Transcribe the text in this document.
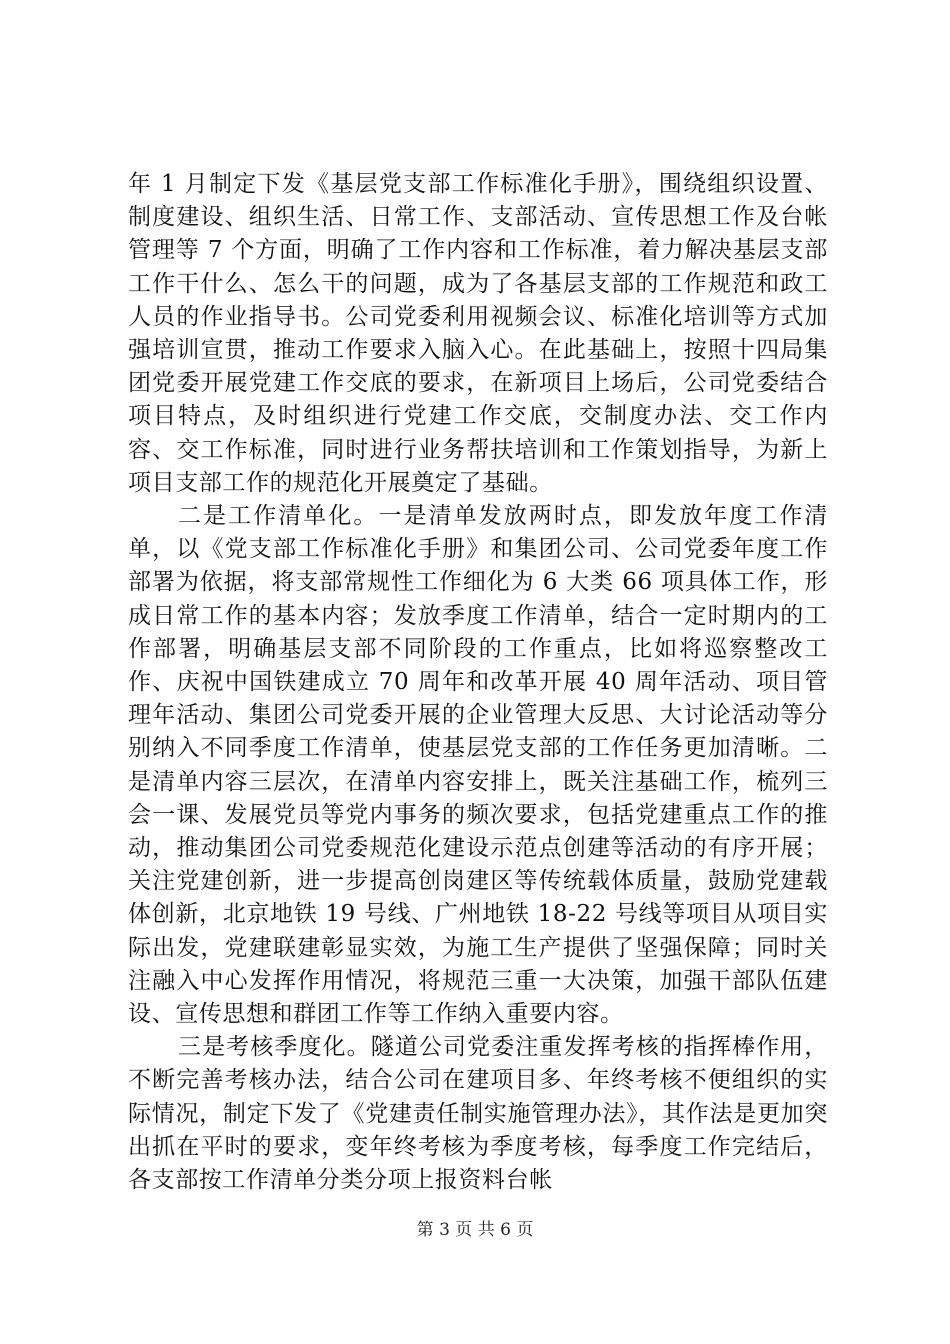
年 1 月制定下发《基层党支部工作标准化手册》，围绕组织设置、制度建设、组织生活、日常工作、支部活动、宣传思想工作及台帐管理等 7 个方面，明确了工作内容和工作标准，着力解决基层支部工作干什么、怎么干的问题，成为了各基层支部的工作规范和政工人员的作业指导书。公司党委利用视频会议、标准化培训等方式加强培训宣贯，推动工作要求入脑入心。在此基础上，按照十四局集团党委开展党建工作交底的要求，在新项目上场后，公司党委结合项目特点，及时组织进行党建工作交底，交制度办法、交工作内容、交工作标准，同时进行业务帮扶培训和工作策划指导，为新上项目支部工作的规范化开展奠定了基础。

二是工作清单化。一是清单发放两时点，即发放年度工作清单，以《党支部工作标准化手册》和集团公司、公司党委年度工作部署为依据，将支部常规性工作细化为 6 大类 66 项具体工作，形成日常工作的基本内容；发放季度工作清单，结合一定时期内的工作部署，明确基层支部不同阶段的工作重点，比如将巡察整改工作、庆祝中国铁建成立 70 周年和改革开展 40 周年活动、项目管理年活动、集团公司党委开展的企业管理大反思、大讨论活动等分别纳入不同季度工作清单，使基层党支部的工作任务更加清晰。二是清单内容三层次，在清单内容安排上，既关注基础工作，梳列三会一课、发展党员等党内事务的频次要求，包括党建重点工作的推动，推动集团公司党委规范化建设示范点创建等活动的有序开展；关注党建创新，进一步提高创岗建区等传统载体质量，鼓励党建载体创新，北京地铁 19 号线、广州地铁 18-22 号线等项目从项目实际出发，党建联建彰显实效，为施工生产提供了坚强保障；同时关注融入中心发挥作用情况，将规范三重一大决策，加强干部队伍建设、宣传思想和群团工作等工作纳入重要内容。

三是考核季度化。隧道公司党委注重发挥考核的指挥棒作用，不断完善考核办法，结合公司在建项目多、年终考核不便组织的实际情况，制定下发了《党建责任制实施管理办法》，其作法是更加突出抓在平时的要求，变年终考核为季度考核，每季度工作完结后，各支部按工作清单分类分项上报资料台帐

第 3 页 共 6 页
